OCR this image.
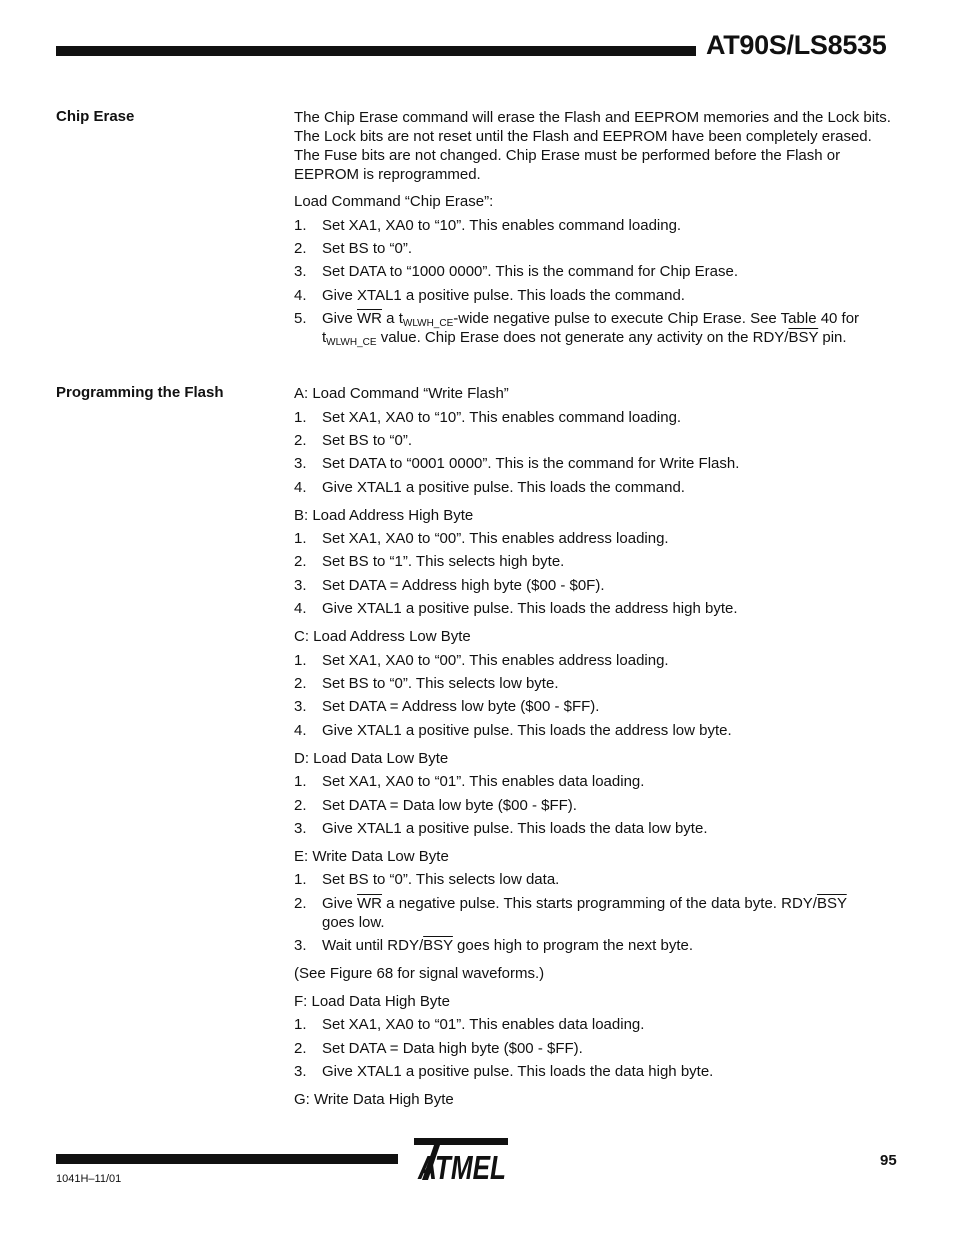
AT90S/LS8535
Chip Erase	The Chip Erase command will erase the Flash and EEPROM memories and the Lock bits. The Lock bits are not reset until the Flash and EEPROM have been completely erased. The Fuse bits are not changed. Chip Erase must be performed before the Flash or EEPROM is reprogrammed.
Load Command “Chip Erase”:
1. Set XA1, XA0 to “10”. This enables command loading.
2. Set BS to “0”.
3. Set DATA to “1000 0000”. This is the command for Chip Erase.
4. Give XTAL1 a positive pulse. This loads the command.
5. Give $\overline{WR}$ a $t_{WLWH\_CE}$-wide negative pulse to execute Chip Erase. See Table 40 for $t_{WLWH\_CE}$ value. Chip Erase does not generate any activity on the RDY/$\overline{BSY}$ pin.
Programming the Flash	A: Load Command “Write Flash”
1. Set XA1, XA0 to “10”. This enables command loading.
2. Set BS to “0”.
3. Set DATA to “0001 0000”. This is the command for Write Flash.
4. Give XTAL1 a positive pulse. This loads the command.
B: Load Address High Byte
1. Set XA1, XA0 to “00”. This enables address loading.
2. Set BS to “1”. This selects high byte.
3. Set DATA = Address high byte ($00 - $0F).
4. Give XTAL1 a positive pulse. This loads the address high byte.
C: Load Address Low Byte
1. Set XA1, XA0 to “00”. This enables address loading.
2. Set BS to “0”. This selects low byte.
3. Set DATA = Address low byte ($00 - $FF).
4. Give XTAL1 a positive pulse. This loads the address low byte.
D: Load Data Low Byte
1. Set XA1, XA0 to “01”. This enables data loading.
2. Set DATA = Data low byte ($00 - $FF).
3. Give XTAL1 a positive pulse. This loads the data low byte.
E: Write Data Low Byte
1. Set BS to “0”. This selects low data.
2. Give $\overline{WR}$ a negative pulse. This starts programming of the data byte. RDY/$\overline{BSY}$ goes low.
3. Wait until RDY/$\overline{BSY}$ goes high to program the next byte.
(See Figure 68 for signal waveforms.)
F: Load Data High Byte
1. Set XA1, XA0 to “01”. This enables data loading.
2. Set DATA = Data high byte ($00 - $FF).
3. Give XTAL1 a positive pulse. This loads the data high byte.
G: Write Data High Byte
ATMEL	95
1041H–11/01
